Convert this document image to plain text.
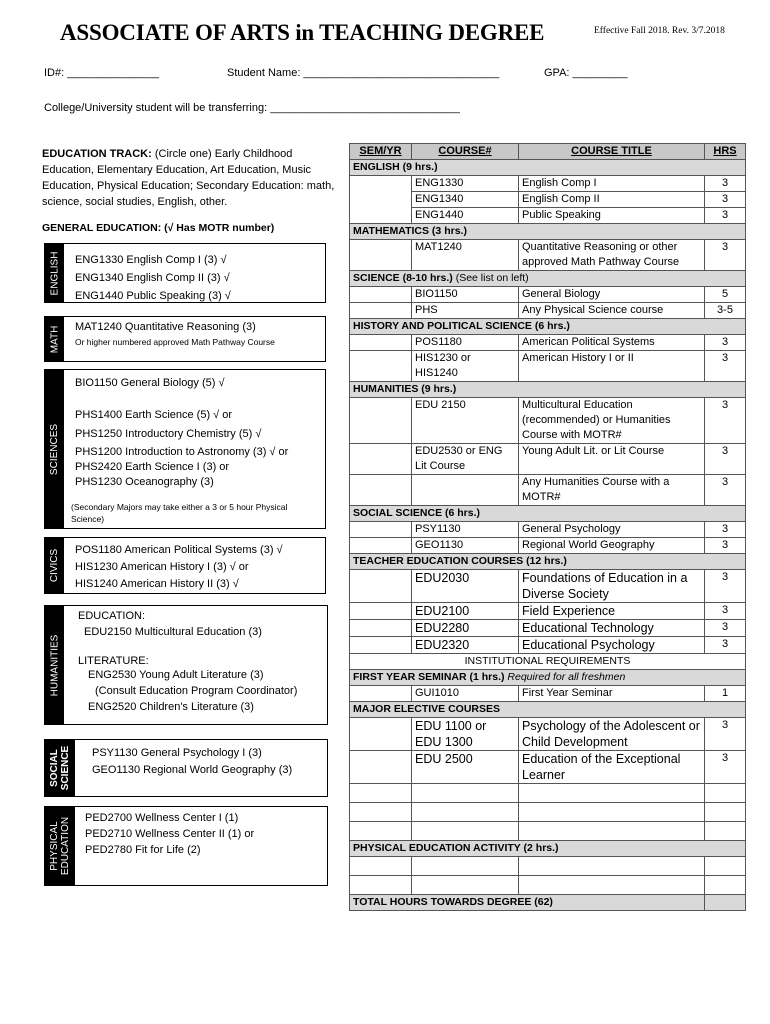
ASSOCIATE OF ARTS in TEACHING DEGREE	Effective Fall 2018. Rev. 3/7.2018
ID#: _______________	Student Name: ________________________________	GPA: _________
College/University student will be transferring: _______________________________
EDUCATION TRACK: (Circle one) Early Childhood Education, Elementary Education, Art Education, Music Education, Physical Education; Secondary Education: math, science, social studies, English, other.
GENERAL EDUCATION: (√ Has MOTR number)
ENGLISH ENG1330 English Comp I (3) √
ENG1340 English Comp II (3) √
ENG1440 Public Speaking (3) √
MATH MAT1240 Quantitative Reasoning (3)
Or higher numbered approved Math Pathway Course
SCIENCES
BIO1150 General Biology (5) √
PHS1400 Earth Science (5) √ or
PHS1250 Introductory Chemistry (5) √
PHS1200 Introduction to Astronomy (3) √ or
PHS2420 Earth Science I (3) or
PHS1230 Oceanography (3)
(Secondary Majors may take either a 3 or 5 hour Physical Science)
CIVICS POS1180 American Political Systems (3) √
HIS1230 American History I (3) √ or
HIS1240 American History II (3) √
HUMANITIES
EDUCATION:
EDU2150 Multicultural Education (3)
LITERATURE:
ENG2530 Young Adult Literature (3)
(Consult Education Program Coordinator)
ENG2520 Children's Literature (3)
SOCIAL
SCIENCE PSY1130 General Psychology I (3)
GEO1130 Regional World Geography (3)
PHYSICAL
EDUCATION PED2700 Wellness Center I (1)
PED2710 Wellness Center II (1) or
PED2780 Fit for Life (2)
SEM/YR	COURSE#	COURSE TITLE	HRS
ENGLISH (9 hrs.)			
	ENG1330	English Comp I	3
	ENG1340	English Comp II	3
	ENG1440	Public Speaking	3
MATHEMATICS (3 hrs.)			
	MAT1240	Quantitative Reasoning or other approved Math Pathway Course	3
SCIENCE (8-10 hrs.) (See list on left)			
	BIO1150	General Biology	5
	PHS	Any Physical Science course	3-5
HISTORY AND POLITICAL SCIENCE (6 hrs.)			
	POS1180	American Political Systems	3
	HIS1230 or HIS1240	American History I or II	3
HUMANITIES (9 hrs.)			
	EDU 2150	Multicultural Education (recommended) or Humanities Course with MOTR#	3
	EDU2530 or ENG Lit Course	Young Adult Lit. or Lit Course	3
		Any Humanities Course with a MOTR#	3
SOCIAL SCIENCE (6 hrs.)			
	PSY1130	General Psychology	3
	GEO1130	Regional World Geography	3
TEACHER EDUCATION COURSES (12 hrs.)			
	EDU2030	Foundations of Education in a Diverse Society	3
	EDU2100	Field Experience	3
	EDU2280	Educational Technology	3
	EDU2320	Educational Psychology	3
INSTITUTIONAL REQUIREMENTS			
FIRST YEAR SEMINAR (1 hrs.) Required for all freshmen			
	GUI1010	First Year Seminar	1
MAJOR ELECTIVE COURSES			
	EDU 1100 or EDU 1300	Psychology of the Adolescent or Child Development	3
	EDU 2500	Education of the Exceptional Learner	3

PHYSICAL EDUCATION ACTIVITY (2 hrs.)			

TOTAL HOURS TOWARDS DEGREE (62)			
